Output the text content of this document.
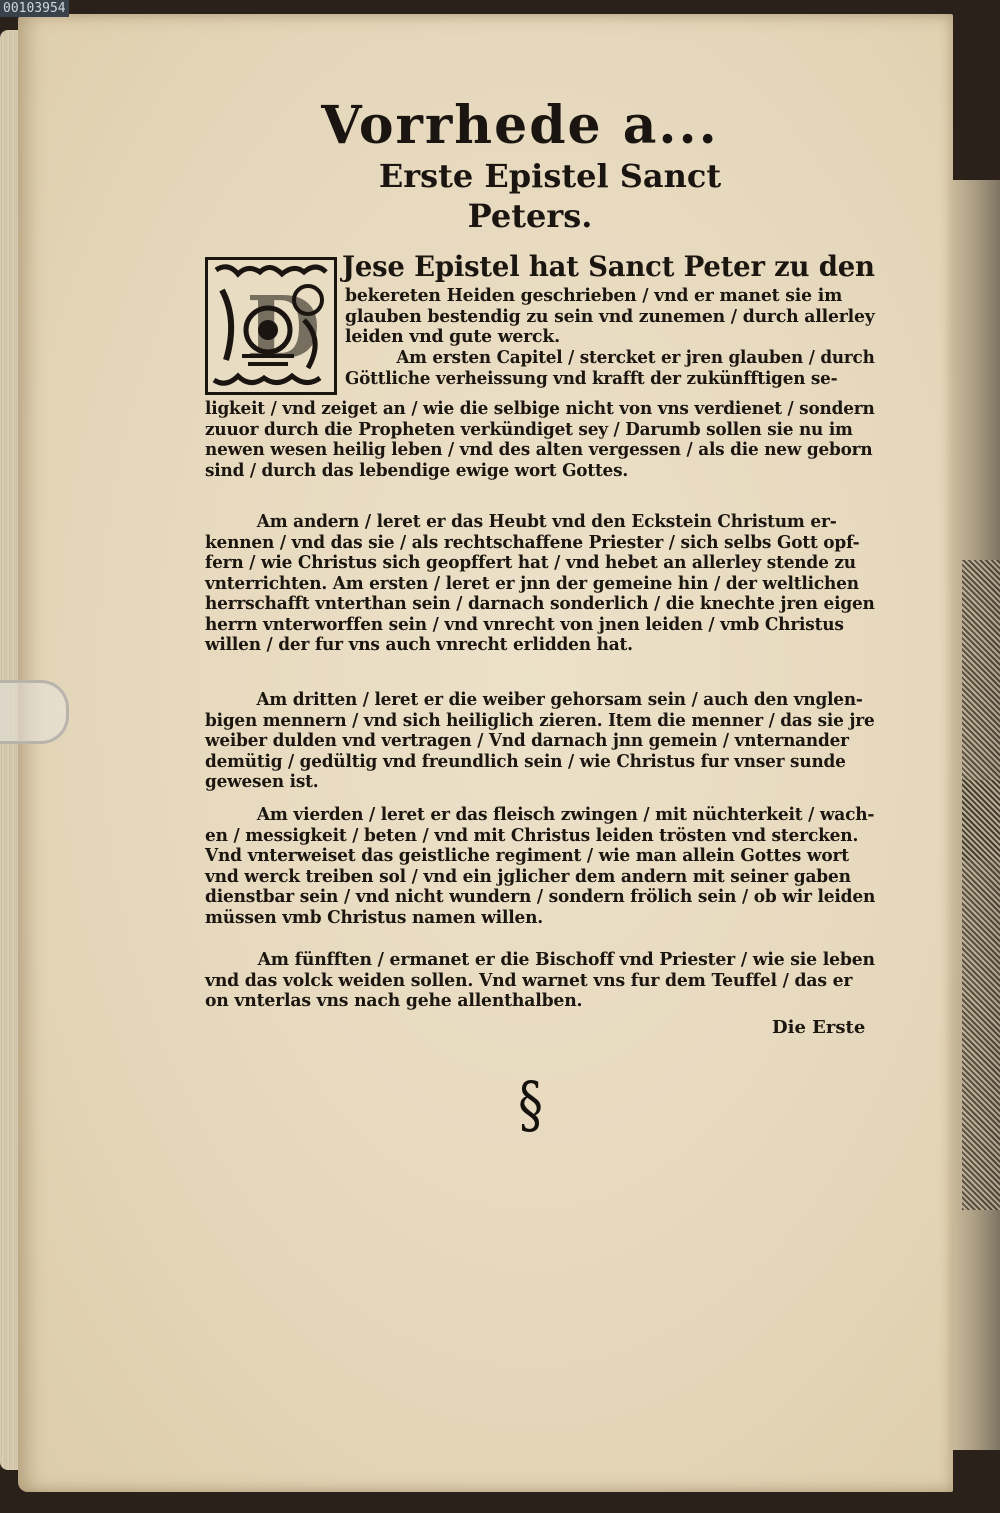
00103954
Vorrhede a...
Erste Epistel Sanct
Peters.
D
Jese Epistel hat Sanct Peter zu den
bekereten Heiden geschrieben / vnd er manet sie im
glauben bestendig zu sein vnd zunemen / durch allerley
leiden vnd gute werck.
Am ersten Capitel / stercket er jren glauben / durch
Göttliche verheissung vnd krafft der zukünfftigen se-
ligkeit / vnd zeiget an / wie die selbige nicht von vns verdienet / sondern
zuuor durch die Propheten verkündiget sey / Darumb sollen sie nu im
newen wesen heilig leben / vnd des alten vergessen / als die new geborn
sind / durch das lebendige ewige wort Gottes.
Am andern / leret er das Heubt vnd den Eckstein Christum er-
kennen / vnd das sie / als rechtschaffene Priester / sich selbs Gott opf-
fern / wie Christus sich geopffert hat / vnd hebet an allerley stende zu
vnterrichten. Am ersten / leret er jnn der gemeine hin / der weltlichen
herrschafft vnterthan sein / darnach sonderlich / die knechte jren eigen
herrn vnterworffen sein / vnd vnrecht von jnen leiden / vmb Christus
willen / der fur vns auch vnrecht erlidden hat.
Am dritten / leret er die weiber gehorsam sein / auch den vnglen-
bigen mennern / vnd sich heiliglich zieren. Item die menner / das sie jre
weiber dulden vnd vertragen / Vnd darnach jnn gemein / vnternander
demütig / gedültig vnd freundlich sein / wie Christus fur vnser sunde
gewesen ist.
Am vierden / leret er das fleisch zwingen / mit nüchterkeit / wach-
en / messigkeit / beten / vnd mit Christus leiden trösten vnd stercken.
Vnd vnterweiset das geistliche regiment / wie man allein Gottes wort
vnd werck treiben sol / vnd ein jglicher dem andern mit seiner gaben
dienstbar sein / vnd nicht wundern / sondern frölich sein / ob wir leiden
müssen vmb Christus namen willen.
Am fünfften / ermanet er die Bischoff vnd Priester / wie sie leben
vnd das volck weiden sollen. Vnd warnet vns fur dem Teuffel / das er
on vnterlas vns nach gehe allenthalben.
Die Erste
§
